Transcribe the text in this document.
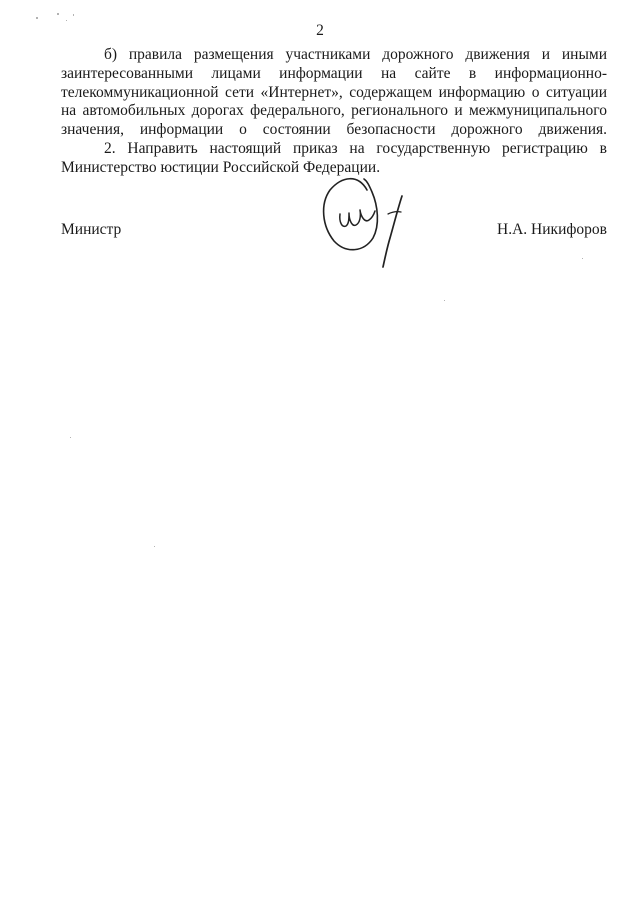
2

б) правила размещения участниками дорожного движения и иными заинтересованными лицами информации на сайте в информационно-телекоммуникационной сети «Интернет», содержащем информацию о ситуации на автомобильных дорогах федерального, регионального и межмуниципального значения, информации о состоянии безопасности дорожного движения.

2. Направить настоящий приказ на государственную регистрацию в Министерство юстиции Российской Федерации.

Министр	Н.А. Никифоров
